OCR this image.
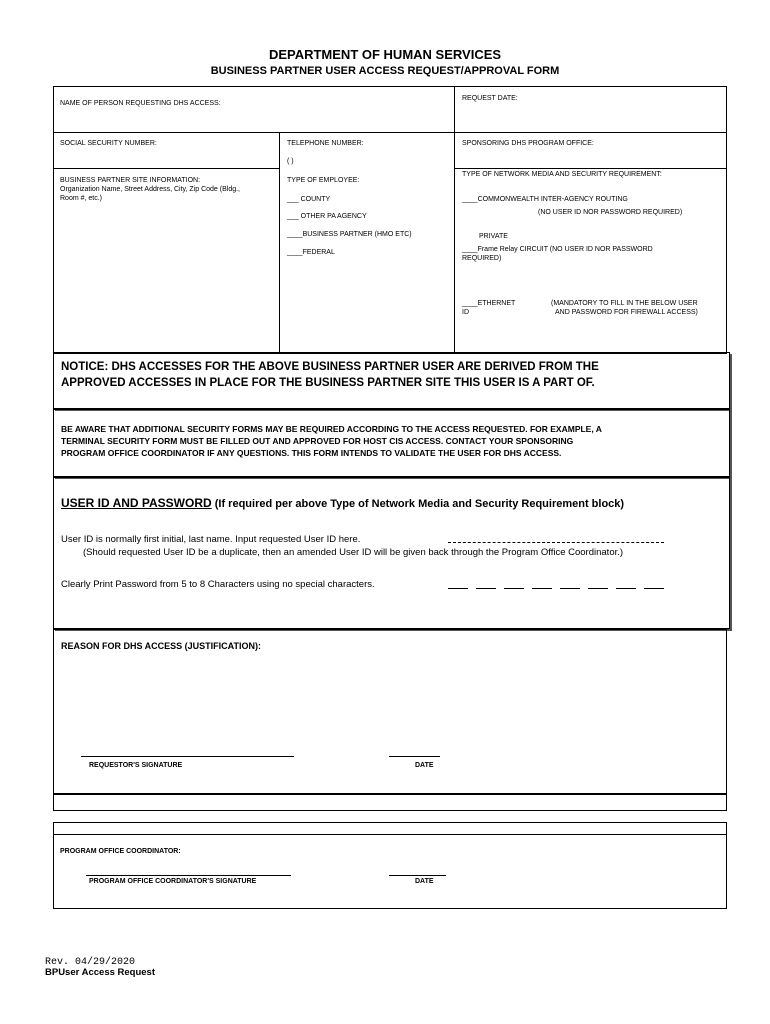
DEPARTMENT OF HUMAN SERVICES
BUSINESS PARTNER USER ACCESS REQUEST/APPROVAL FORM
NAME OF PERSON REQUESTING DHS ACCESS:
REQUEST DATE:
SOCIAL SECURITY NUMBER:	TELEPHONE NUMBER:
( )
SPONSORING DHS PROGRAM OFFICE:
BUSINESS PARTNER SITE INFORMATION:
Organization Name, Street Address, City, Zip Code (Bldg.,
Room #, etc.)
TYPE OF EMPLOYEE:
___ COUNTY
___ OTHER PA AGENCY
____BUSINESS PARTNER (HMO ETC)
____FEDERAL
TYPE OF NETWORK MEDIA AND SECURITY REQUIREMENT:
____COMMONWEALTH INTER-AGENCY ROUTING
(NO USER ID NOR PASSWORD REQUIRED)
PRIVATE
____Frame Relay CIRCUIT (NO USER ID NOR PASSWORD
REQUIRED)
____ETHERNET
ID
(MANDATORY TO FILL IN THE BELOW USER
AND PASSWORD FOR FIREWALL ACCESS)
NOTICE: DHS ACCESSES FOR THE ABOVE BUSINESS PARTNER USER ARE DERIVED FROM THE
APPROVED ACCESSES IN PLACE FOR THE BUSINESS PARTNER SITE THIS USER IS A PART OF.
BE AWARE THAT ADDITIONAL SECURITY FORMS MAY BE REQUIRED ACCORDING TO THE ACCESS REQUESTED. FOR EXAMPLE, A
TERMINAL SECURITY FORM MUST BE FILLED OUT AND APPROVED FOR HOST CIS ACCESS. CONTACT YOUR SPONSORING
PROGRAM OFFICE COORDINATOR IF ANY QUESTIONS. THIS FORM INTENDS TO VALIDATE THE USER FOR DHS ACCESS.
USER ID AND PASSWORD (If required per above Type of Network Media and Security Requirement block)
User ID is normally first initial, last name. Input requested User ID here.
(Should requested User ID be a duplicate, then an amended User ID will be given back through the Program Office Coordinator.)
Clearly Print Password from 5 to 8 Characters using no special characters.
REASON FOR DHS ACCESS (JUSTIFICATION):
REQUESTOR'S SIGNATURE	DATE
PROGRAM OFFICE COORDINATOR:
PROGRAM OFFICE COORDINATOR'S SIGNATURE	DATE
Rev. 04/29/2020
BPUser Access Request
